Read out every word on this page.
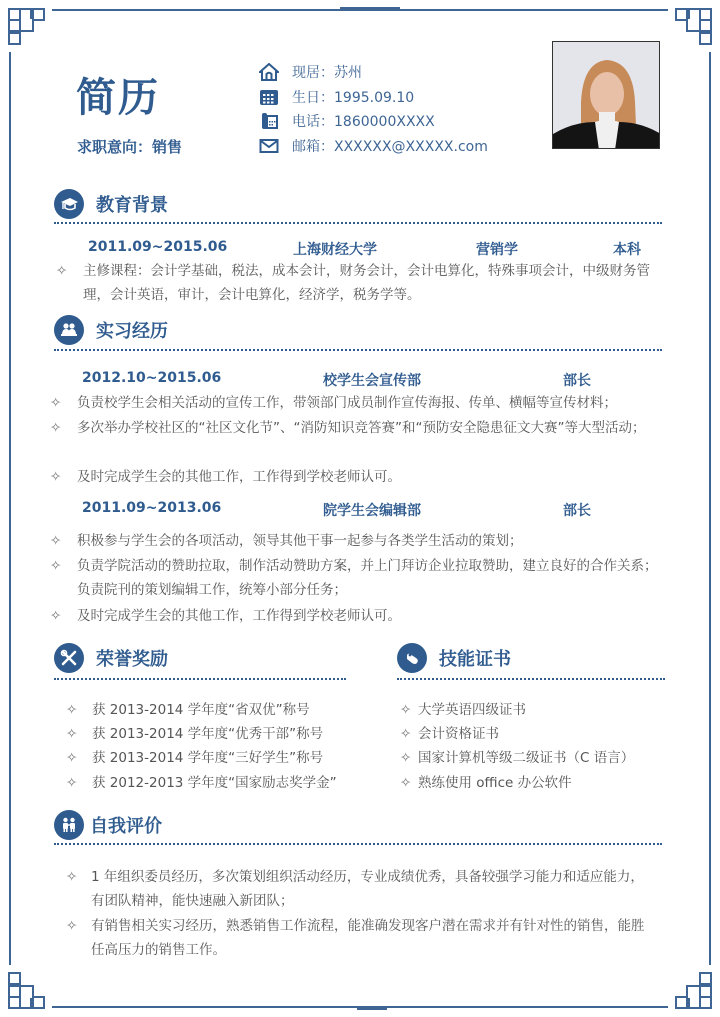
简历
求职意向：销售
现居：苏州
生日：1995.09.10
电话：1860000XXXX
邮箱：XXXXXX@XXXXX.com
教育背景
2011.09~2015.06	上海财经大学	营销学	本科
✧ 主修课程：会计学基础，税法，成本会计，财务会计，会计电算化，特殊事项会计，中级财务管理，会计英语，审计，会计电算化，经济学，税务学等。
实习经历
2012.10~2015.06	校学生会宣传部	部长
✧ 负责校学生会相关活动的宣传工作，带领部门成员制作宣传海报、传单、横幅等宣传材料；
✧ 多次举办学校社区的“社区文化节”、“消防知识竞答赛”和“预防安全隐患征文大赛”等大型活动；
✧ 及时完成学生会的其他工作，工作得到学校老师认可。
2011.09~2013.06	院学生会编辑部	部长
✧ 积极参与学生会的各项活动，领导其他干事一起参与各类学生活动的策划；
✧ 负责学院活动的赞助拉取，制作活动赞助方案，并上门拜访企业拉取赞助，建立良好的合作关系；负责院刊的策划编辑工作，统筹小部分任务；
✧ 及时完成学生会的其他工作，工作得到学校老师认可。
荣誉奖励
✧ 获 2013-2014 学年度“省双优”称号
✧ 获 2013-2014 学年度“优秀干部”称号
✧ 获 2013-2014 学年度“三好学生”称号
✧ 获 2012-2013 学年度“国家励志奖学金”
技能证书
✧ 大学英语四级证书
✧ 会计资格证书
✧ 国家计算机等级二级证书（C 语言）
✧ 熟练使用 office 办公软件
自我评价
✧ 1 年组织委员经历，多次策划组织活动经历，专业成绩优秀，具备较强学习能力和适应能力，有团队精神，能快速融入新团队；
✧ 有销售相关实习经历，熟悉销售工作流程，能准确发现客户潜在需求并有针对性的销售，能胜任高压力的销售工作。
